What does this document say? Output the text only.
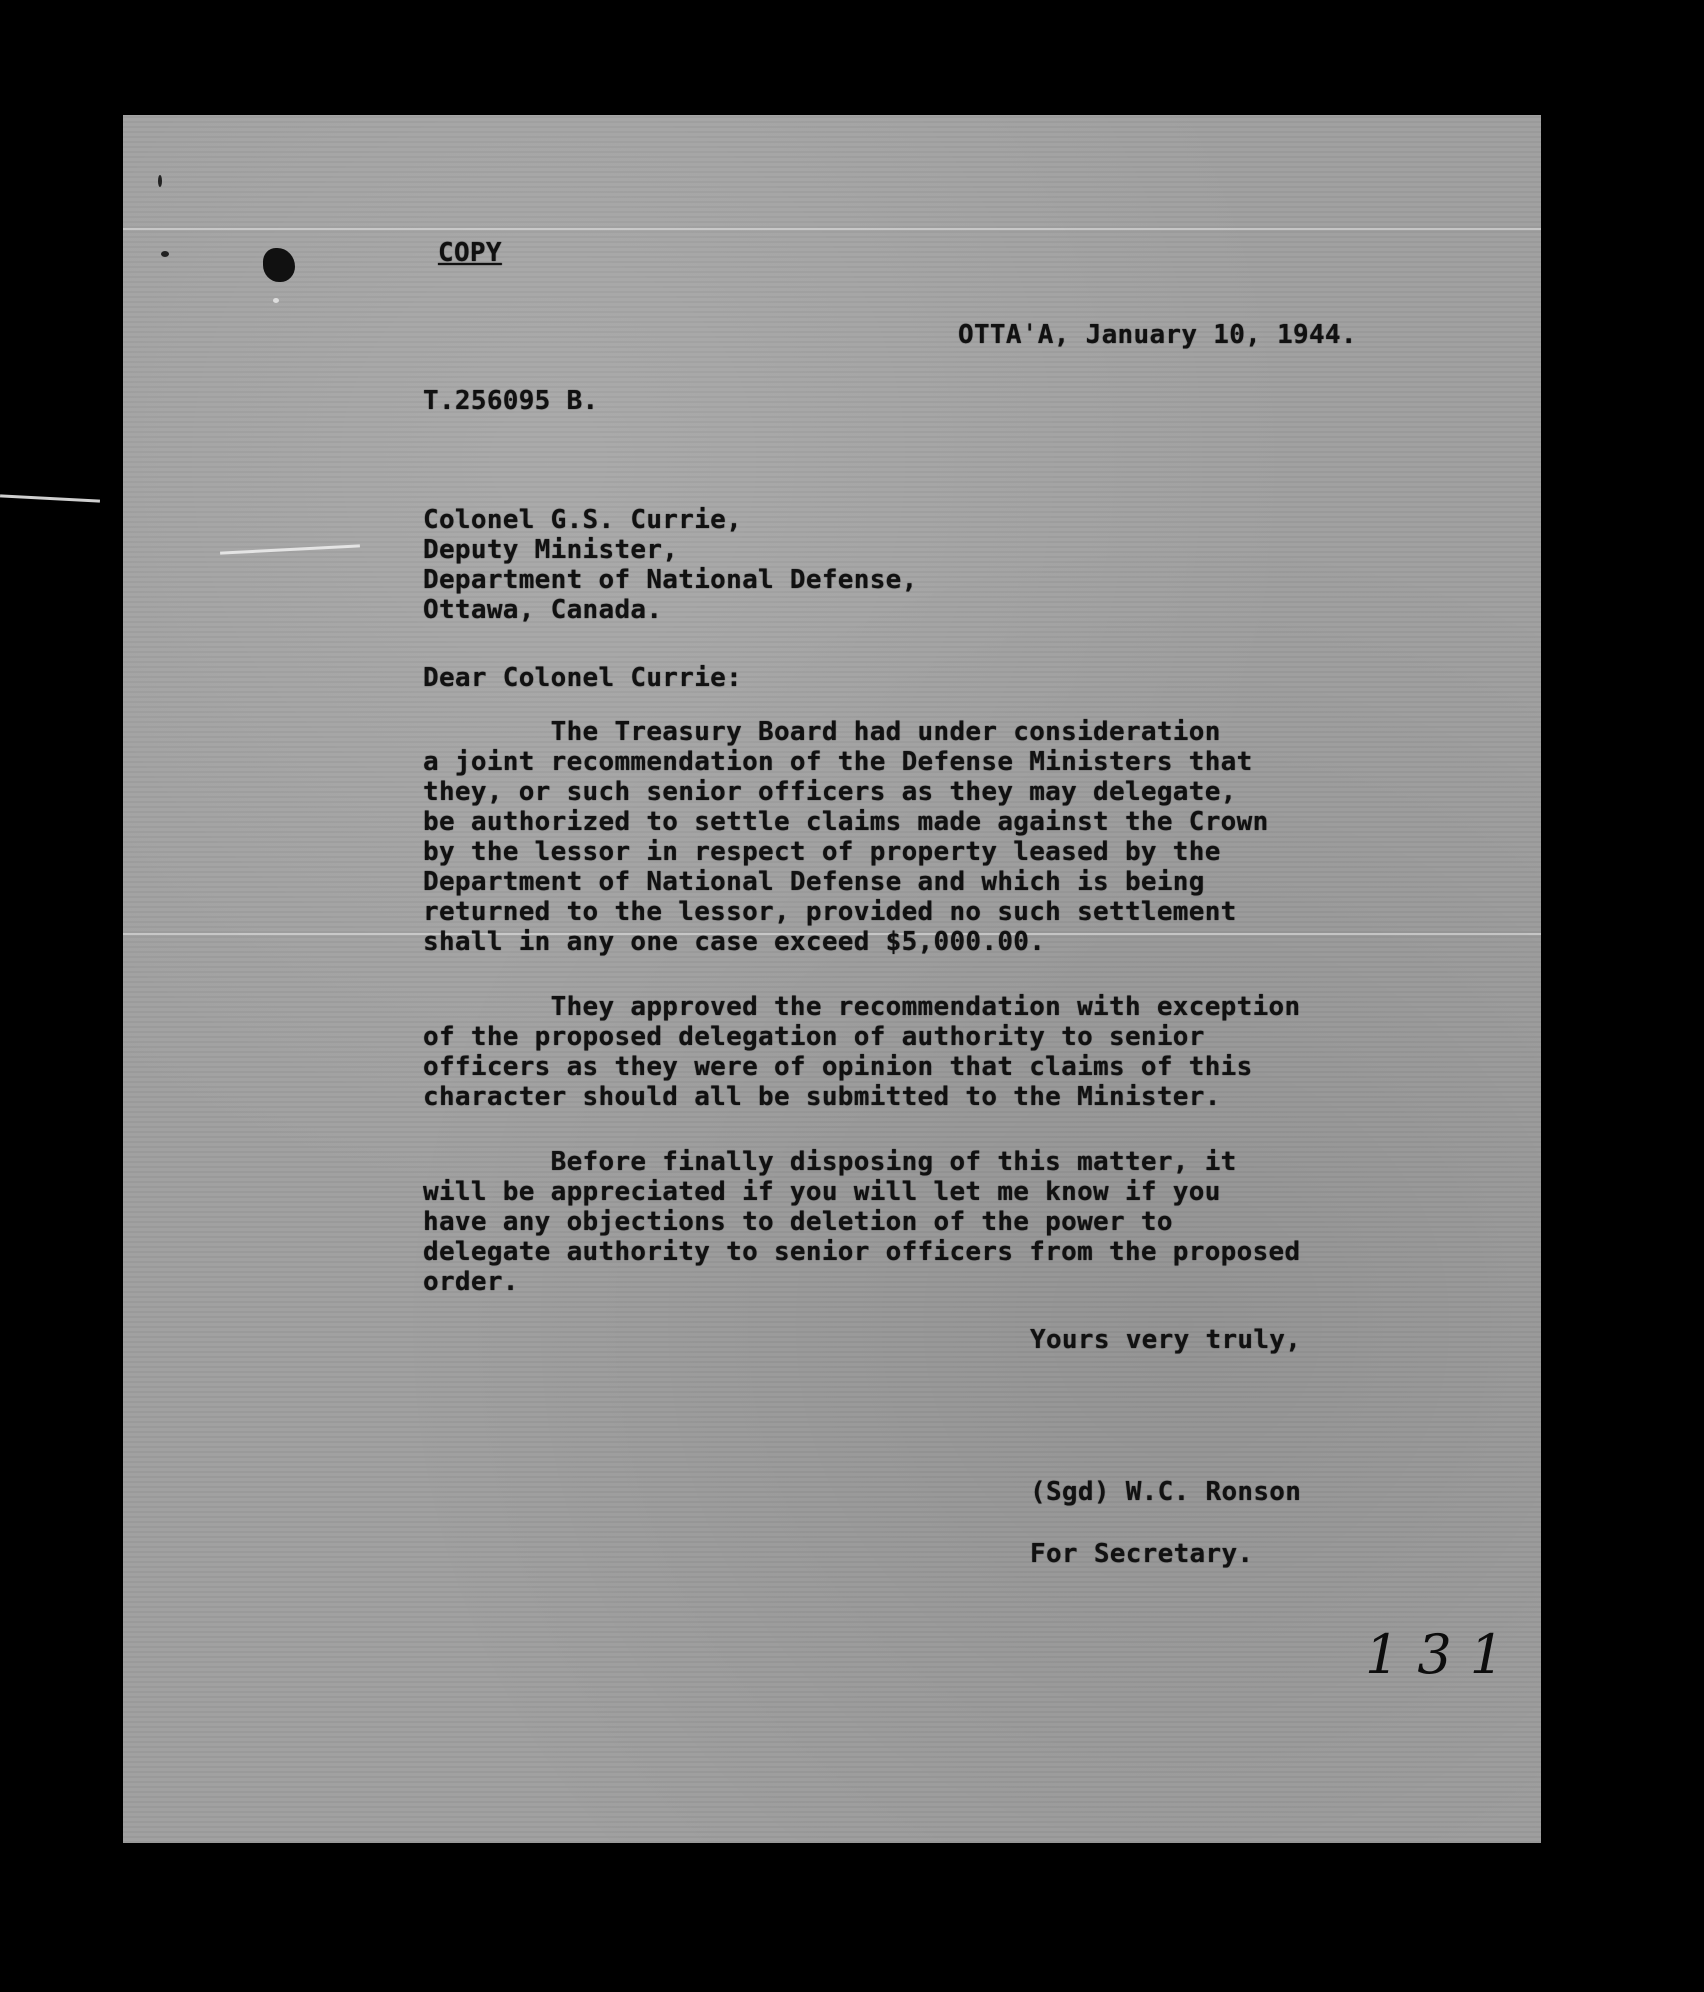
COPY
OTTAˈA, January 10, 1944.
T.256095 B.
Colonel G.S. Currie,
Deputy Minister,
Department of National Defense,
Ottawa, Canada.
Dear Colonel Currie:
The Treasury Board had under consideration
a joint recommendation of the Defense Ministers that
they, or such senior officers as they may delegate,
be authorized to settle claims made against the Crown
by the lessor in respect of property leased by the
Department of National Defense and which is being
returned to the lessor, provided no such settlement
shall in any one case exceed $5,000.00.
They approved the recommendation with exception
of the proposed delegation of authority to senior
officers as they were of opinion that claims of this
character should all be submitted to the Minister.
Before finally disposing of this matter, it
will be appreciated if you will let me know if you
have any objections to deletion of the power to
delegate authority to senior officers from the proposed
order.
Yours very truly,
(Sgd) W.C. Ronson
For Secretary.
131
